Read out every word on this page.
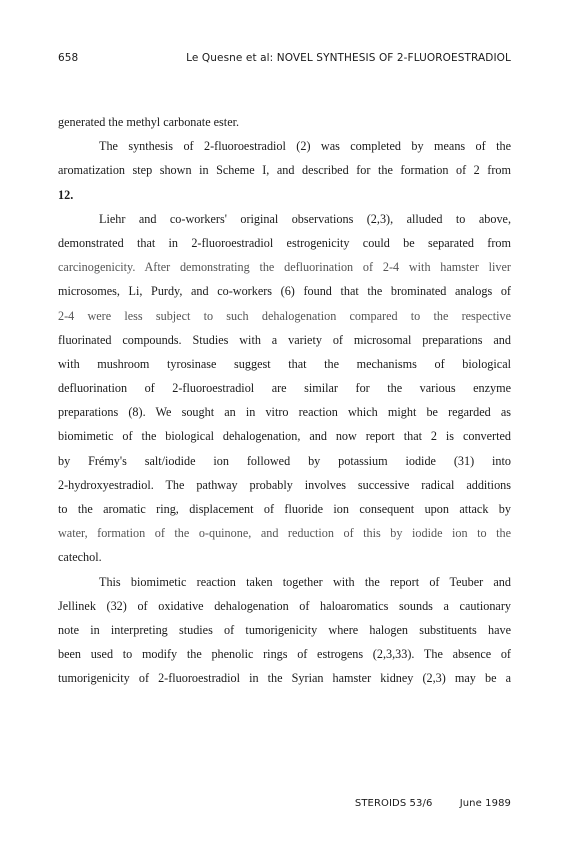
658	Le Quesne et al: NOVEL SYNTHESIS OF 2-FLUOROESTRADIOL
generated the methyl carbonate ester.
The synthesis of 2-fluoroestradiol (2) was completed by means of the
aromatization step shown in Scheme I, and described for the formation of 2 from
12.
Liehr and co-workers' original observations (2,3), alluded to above,
demonstrated that in 2-fluoroestradiol estrogenicity could be separated from
carcinogenicity. After demonstrating the defluorination of 2-4 with hamster liver
microsomes, Li, Purdy, and co-workers (6) found that the brominated analogs of
2-4 were less subject to such dehalogenation compared to the respective
fluorinated compounds. Studies with a variety of microsomal preparations and
with mushroom tyrosinase suggest that the mechanisms of biological
defluorination of 2-fluoroestradiol are similar for the various enzyme
preparations (8). We sought an in vitro reaction which might be regarded as
biomimetic of the biological dehalogenation, and now report that 2 is converted
by Frémy's salt/iodide ion followed by potassium iodide (31) into
2-hydroxyestradiol. The pathway probably involves successive radical additions
to the aromatic ring, displacement of fluoride ion consequent upon attack by
water, formation of the o-quinone, and reduction of this by iodide ion to the
catechol.
This biomimetic reaction taken together with the report of Teuber and
Jellinek (32) of oxidative dehalogenation of haloaromatics sounds a cautionary
note in interpreting studies of tumorigenicity where halogen substituents have
been used to modify the phenolic rings of estrogens (2,3,33). The absence of
tumorigenicity of 2-fluoroestradiol in the Syrian hamster kidney (2,3) may be a
STEROIDS 53/6	June 1989
